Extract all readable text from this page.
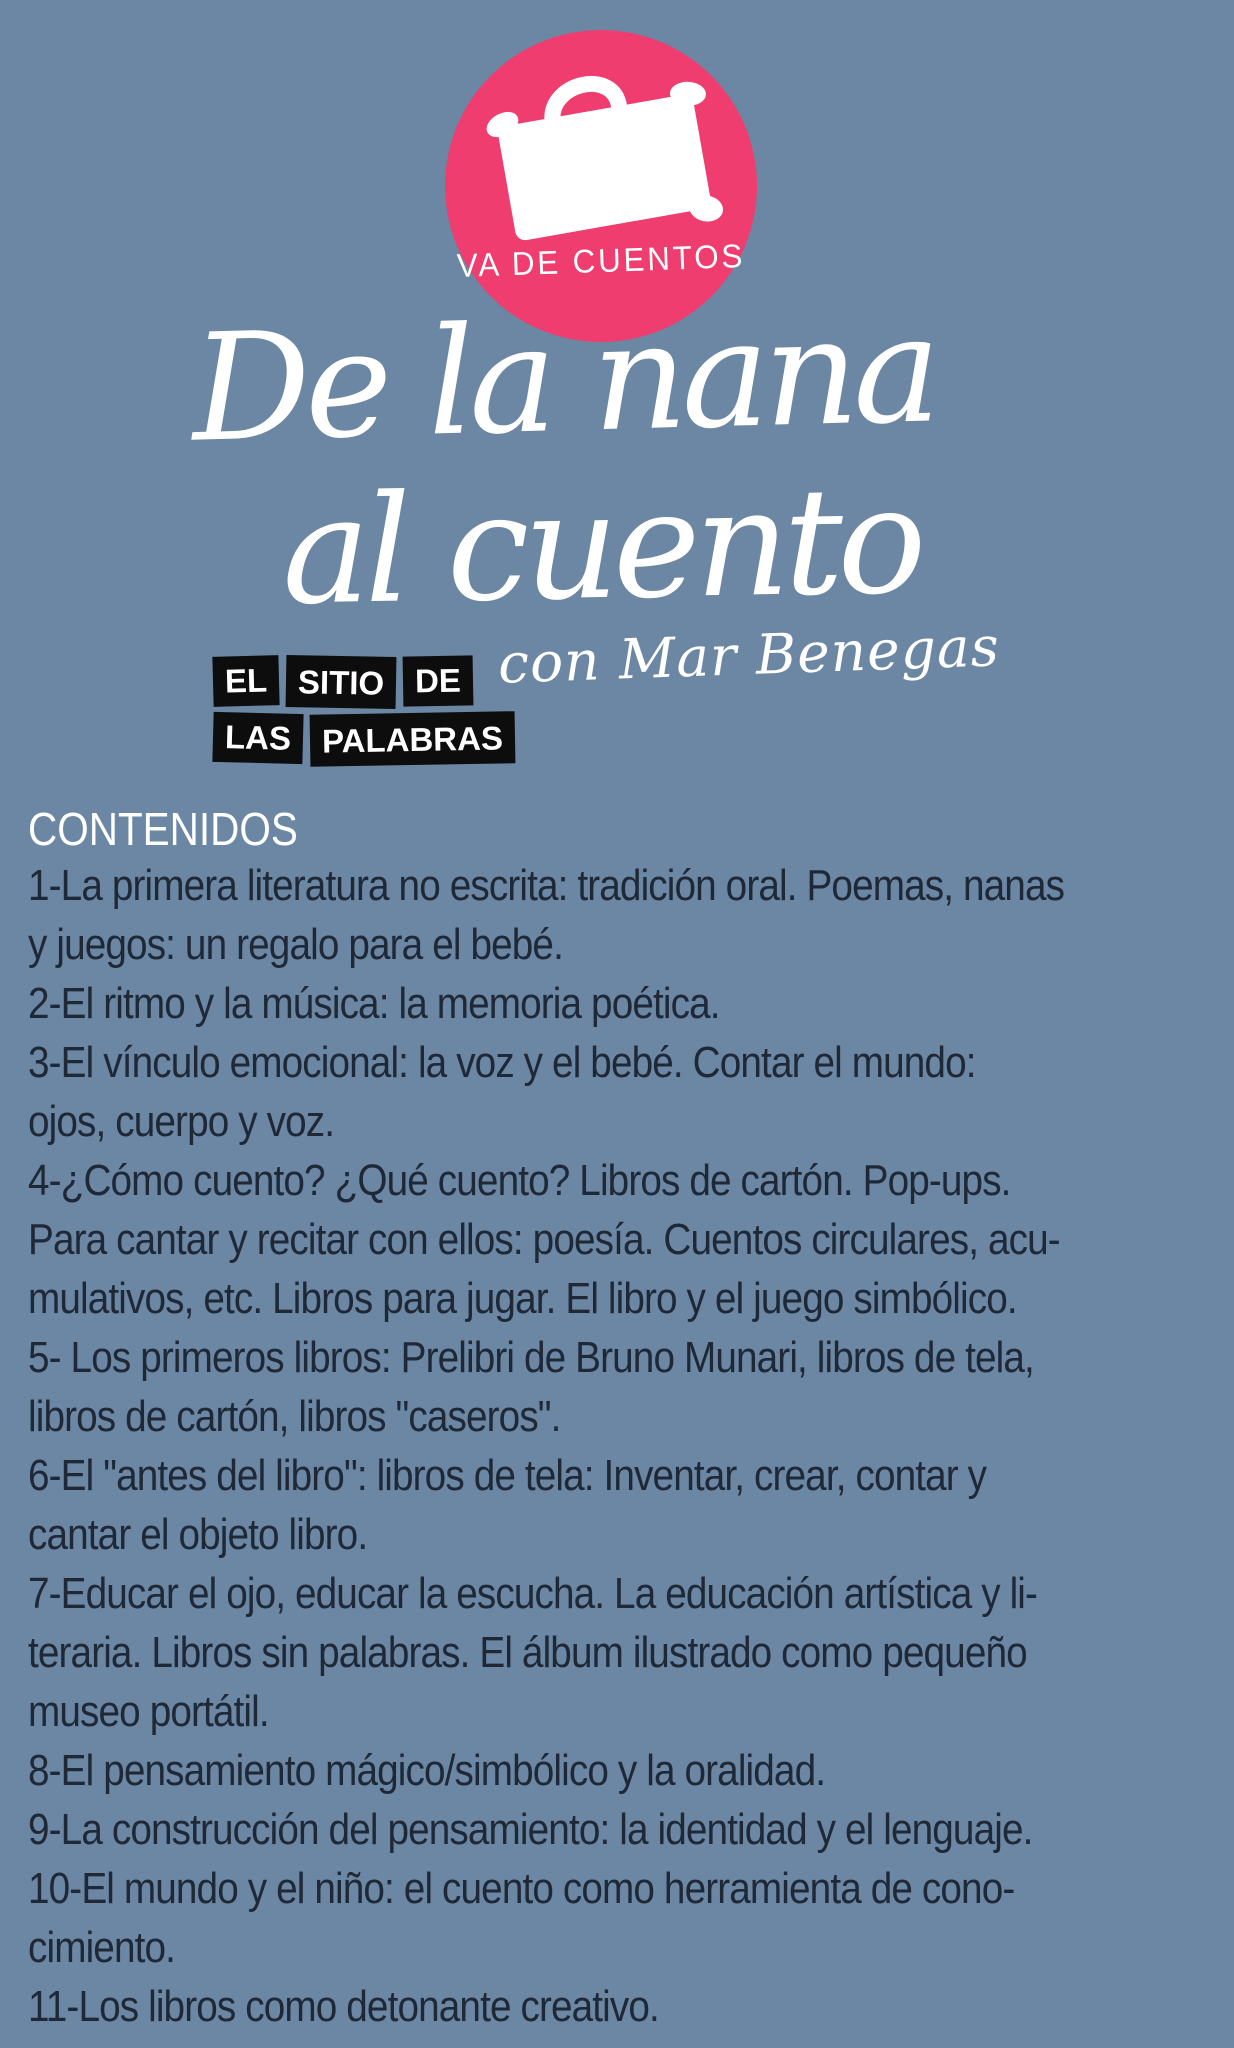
VA DE CUENTOS
De la nana
al cuento
con Mar Benegas
EL SITIO DE
LAS PALABRAS
CONTENIDOS
1-La primera literatura no escrita: tradición oral. Poemas, nanas
y juegos: un regalo para el bebé.
2-El ritmo y la música: la memoria poética.
3-El vínculo emocional: la voz y el bebé. Contar el mundo:
ojos, cuerpo y voz.
4-¿Cómo cuento? ¿Qué cuento? Libros de cartón. Pop-ups.
Para cantar y recitar con ellos: poesía. Cuentos circulares, acu-
mulativos, etc. Libros para jugar. El libro y el juego simbólico.
5- Los primeros libros: Prelibri de Bruno Munari, libros de tela,
libros de cartón, libros "caseros".
6-El "antes del libro": libros de tela: Inventar, crear, contar y
cantar el objeto libro.
7-Educar el ojo, educar la escucha. La educación artística y li-
teraria. Libros sin palabras. El álbum ilustrado como pequeño
museo portátil.
8-El pensamiento mágico/simbólico y la oralidad.
9-La construcción del pensamiento: la identidad y el lenguaje.
10-El mundo y el niño: el cuento como herramienta de cono-
cimiento.
11-Los libros como detonante creativo.
